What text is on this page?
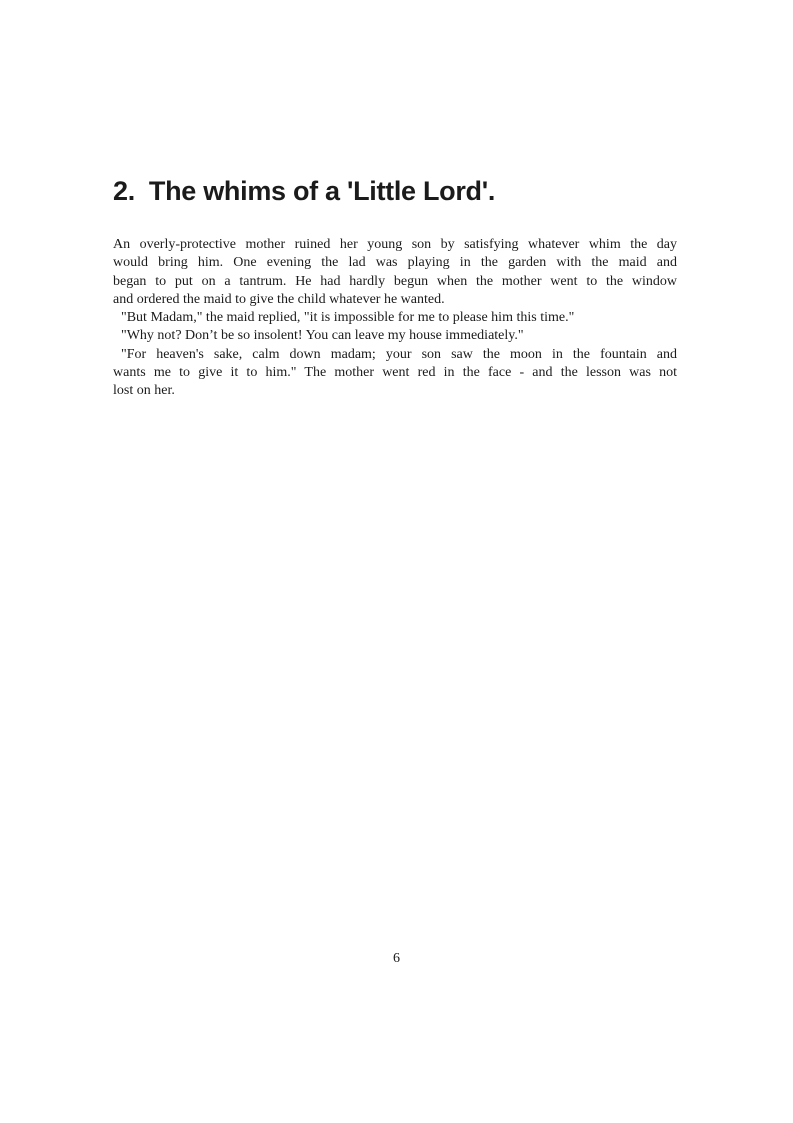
2. The whims of a 'Little Lord'.
An overly-protective mother ruined her young son by satisfying whatever whim the day
would bring him. One evening the lad was playing in the garden with the maid and
began to put on a tantrum. He had hardly begun when the mother went to the window
and ordered the maid to give the child whatever he wanted.
"But Madam," the maid replied, "it is impossible for me to please him this time."
"Why not? Don’t be so insolent! You can leave my house immediately."
"For heaven's sake, calm down madam; your son saw the moon in the fountain and
wants me to give it to him." The mother went red in the face - and the lesson was not
lost on her.
6
